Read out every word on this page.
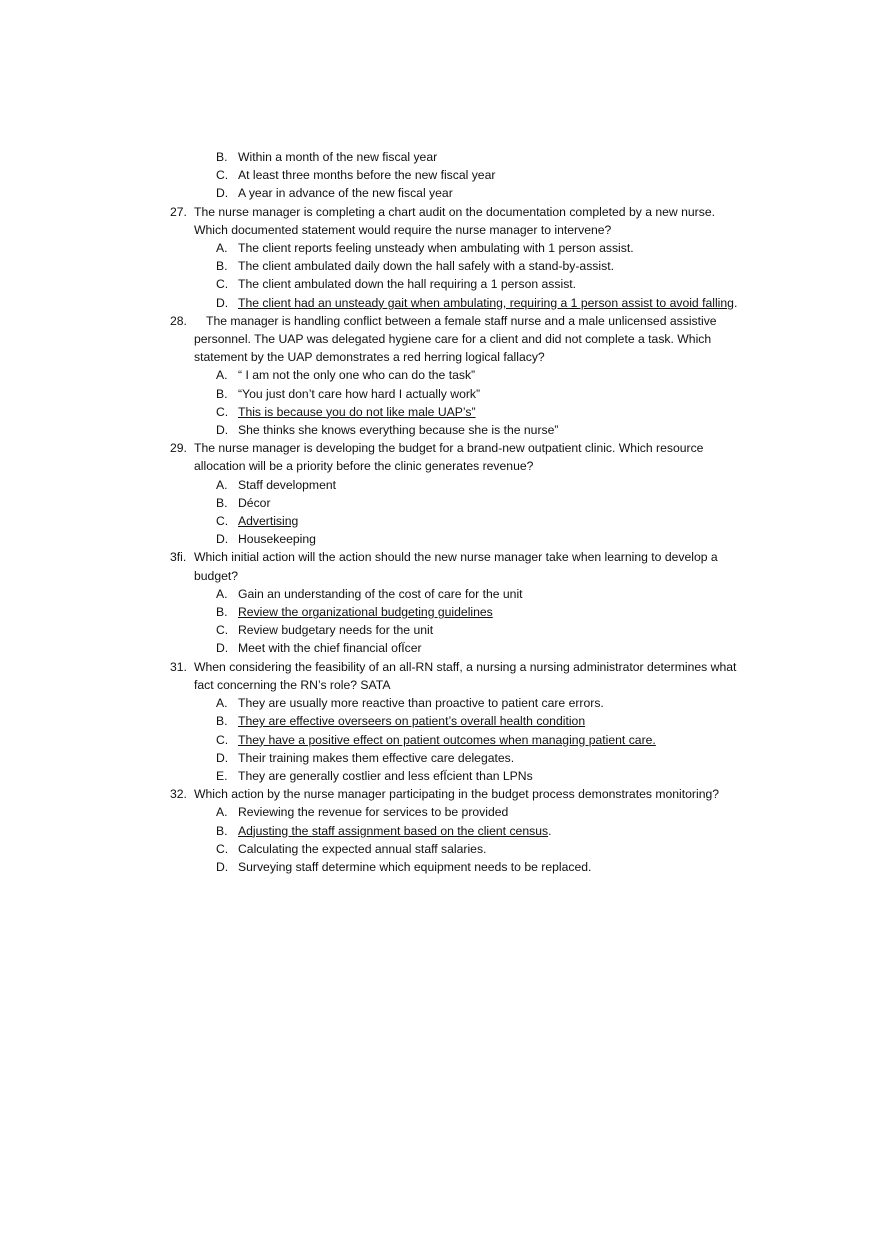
B. Within a month of the new fiscal year
C. At least three months before the new fiscal year
D. A year in advance of the new fiscal year
27. The nurse manager is completing a chart audit on the documentation completed by a new nurse. Which documented statement would require the nurse manager to intervene?
A. The client reports feeling unsteady when ambulating with 1 person assist.
B. The client ambulated daily down the hall safely with a stand-by-assist.
C. The client ambulated down the hall requiring a 1 person assist.
D. The client had an unsteady gait when ambulating, requiring a 1 person assist to avoid falling.
28.	The manager is handling conflict between a female staff nurse and a male unlicensed assistive personnel. The UAP was delegated hygiene care for a client and did not complete a task. Which statement by the UAP demonstrates a red herring logical fallacy?
A. “ I am not the only one who can do the task”
B. “You just don’t care how hard I actually work”
C. This is because you do not like male UAP’s”
D. She thinks she knows everything because she is the nurse”
29. The nurse manager is developing the budget for a brand-new outpatient clinic. Which resource allocation will be a priority before the clinic generates revenue?
A. Staff development
B. Décor
C. Advertising
D. Housekeeping
3fi. Which initial action will the action should the new nurse manager take when learning to develop a budget?
A. Gain an understanding of the cost of care for the unit
B. Review the organizational budgeting guidelines
C. Review budgetary needs for the unit
D. Meet with the chief financial ofÏcer
31. When considering the feasibility of an all-RN staff, a nursing a nursing administrator determines what fact concerning the RN’s role? SATA
A. They are usually more reactive than proactive to patient care errors.
B. They are effective overseers on patient’s overall health condition
C. They have a positive effect on patient outcomes when managing patient care.
D. Their training makes them effective care delegates.
E. They are generally costlier and less efÏcient than LPNs
32. Which action by the nurse manager participating in the budget process demonstrates monitoring?
A. Reviewing the revenue for services to be provided
B. Adjusting the staff assignment based on the client census.
C. Calculating the expected annual staff salaries.
D. Surveying staff determine which equipment needs to be replaced.
